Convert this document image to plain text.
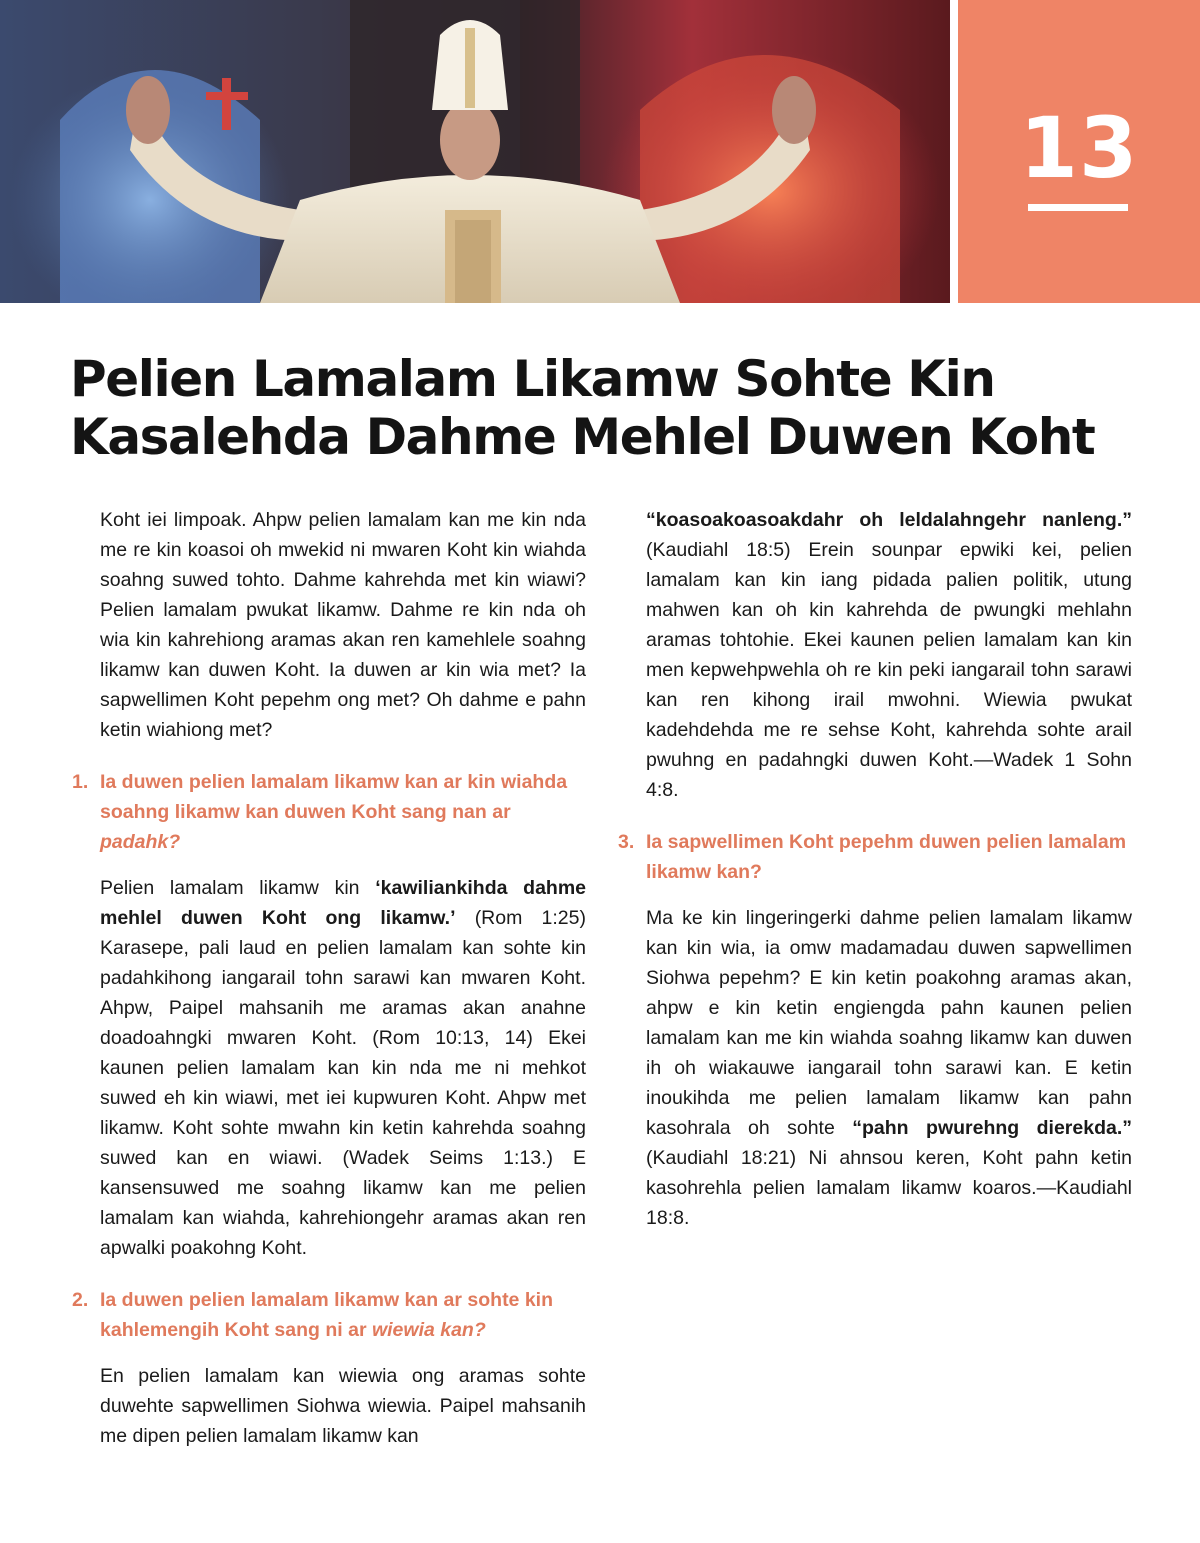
13
Pelien Lamalam Likamw Sohte Kin
Kasalehda Dahme Mehlel Duwen Koht

Koht iei limpoak. Ahpw pelien lamalam kan me kin nda me re kin koasoi oh mwekid ni mwaren Koht kin wiahda soahng suwed tohto. Dahme kahrehda met kin wiawi? Pelien lamalam pwukat likamw. Dahme re kin nda oh wia kin kahrehiong aramas akan ren kamehlele soahng likamw kan duwen Koht. Ia duwen ar kin wia met? Ia sapwellimen Koht pepehm ong met? Oh dahme e pahn ketin wiahiong met?

1. Ia duwen pelien lamalam likamw kan ar kin wiahda soahng likamw kan duwen Koht sang nan ar padahk?

Pelien lamalam likamw kin ‘kawiliankihda dahme mehlel duwen Koht ong likamw.’ (Rom 1:25) Karasepe, pali laud en pelien lamalam kan sohte kin padahkihong iangarail tohn sarawi kan mwaren Koht. Ahpw, Paipel mahsanih me aramas akan anahne doadoahngki mwaren Koht. (Rom 10:13, 14) Ekei kaunen pelien lamalam kan kin nda me ni mehkot suwed eh kin wiawi, met iei kupwuren Koht. Ahpw met likamw. Koht sohte mwahn kin ketin kahrehda soahng suwed kan en wiawi. (Wadek Seims 1:13.) E kansensuwed me soahng likamw kan me pelien lamalam kan wiahda, kahrehiongehr aramas akan ren apwalki poakohng Koht.

2. Ia duwen pelien lamalam likamw kan ar sohte kin kahlemengih Koht sang ni ar wiewia kan?

En pelien lamalam kan wiewia ong aramas sohte duwehte sapwellimen Siohwa wiewia. Paipel mahsanih me dipen pelien lamalam likamw kan

“koasoakoasoakdahr oh leldalahngehr nanleng.” (Kaudiahl 18:5) Erein sounpar epwiki kei, pelien lamalam kan kin iang pidada palien politik, utung mahwen kan oh kin kahrehda de pwungki mehlahn aramas tohtohie. Ekei kaunen pelien lamalam kan kin men kepwehpwehla oh re kin peki iangarail tohn sarawi kan ren kihong irail mwohni. Wiewia pwukat kadehdehda me re sehse Koht, kahrehda sohte arail pwuhng en padahngki duwen Koht.—Wadek 1 Sohn 4:8.

3. Ia sapwellimen Koht pepehm duwen pelien lamalam likamw kan?

Ma ke kin lingeringerki dahme pelien lamalam likamw kan kin wia, ia omw madamadau duwen sapwellimen Siohwa pepehm? E kin ketin poakohng aramas akan, ahpw e kin ketin engiengda pahn kaunen pelien lamalam kan me kin wiahda soahng likamw kan duwen ih oh wiakauwe iangarail tohn sarawi kan. E ketin inoukihda me pelien lamalam likamw kan pahn kasohrala oh sohte “pahn pwurehng dierekda.” (Kaudiahl 18:21) Ni ahnsou keren, Koht pahn ketin kasohrehla pelien lamalam likamw koaros.—Kaudiahl 18:8.
